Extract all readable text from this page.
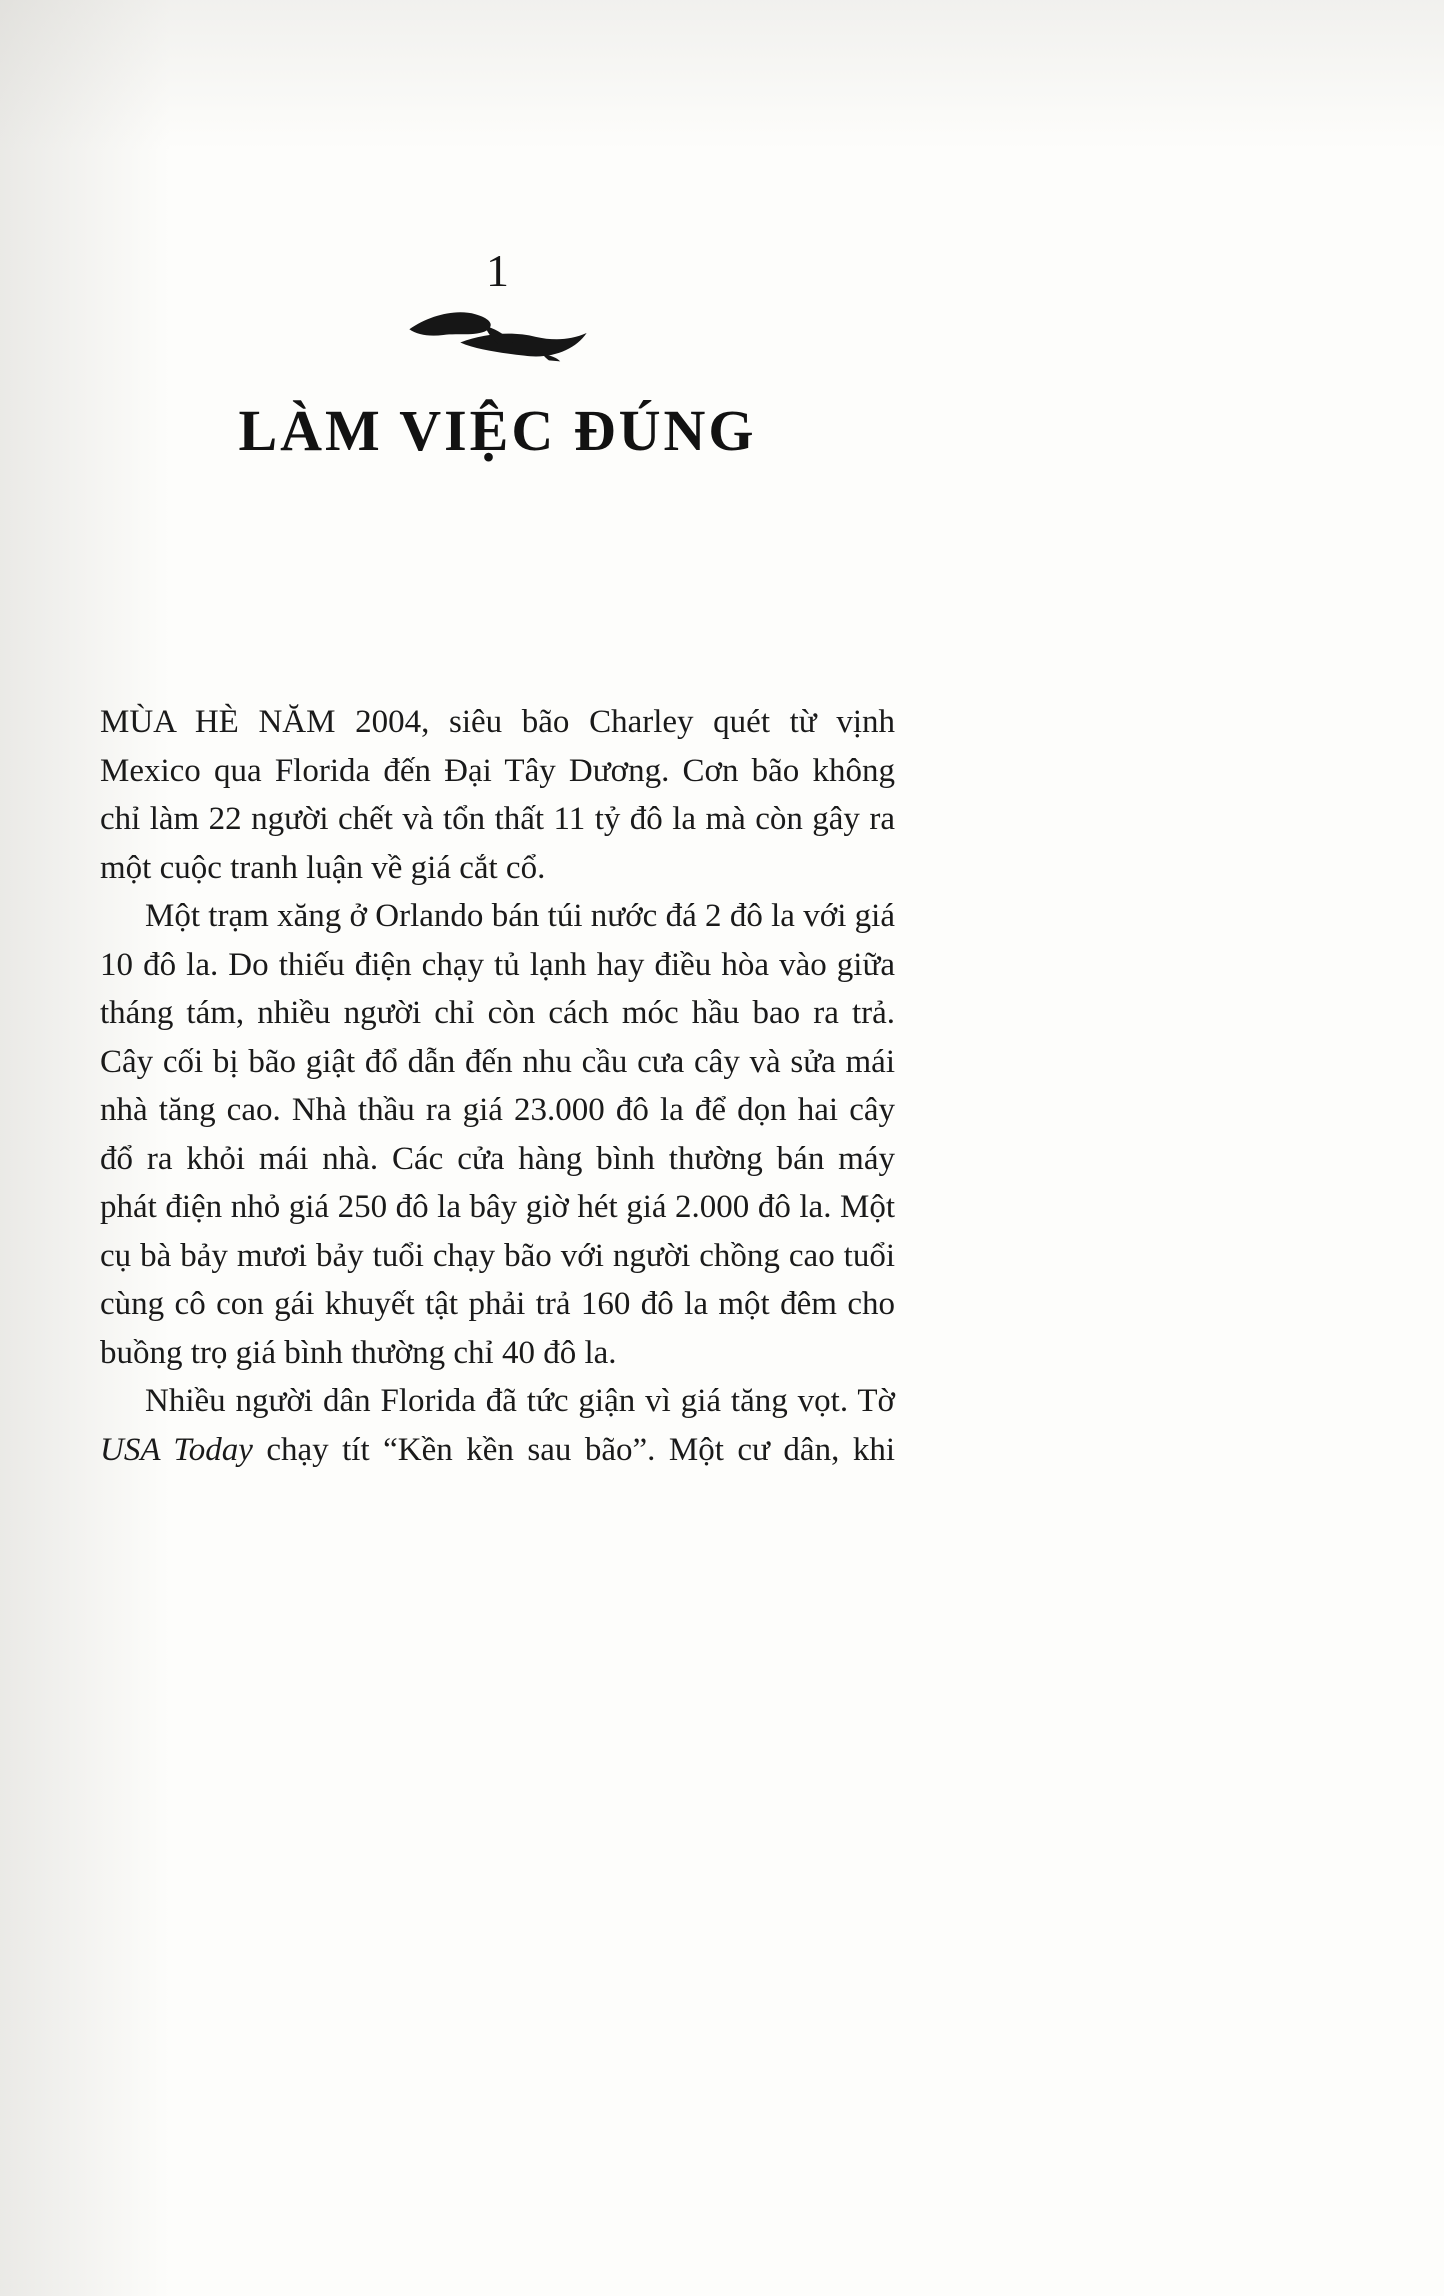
1
LÀM VIỆC ĐÚNG

MÙA HÈ NĂM 2004, siêu bão Charley quét từ vịnh Mexico qua Florida đến Đại Tây Dương. Cơn bão không chỉ làm 22 người chết và tổn thất 11 tỷ đô la mà còn gây ra một cuộc tranh luận về giá cắt cổ.

Một trạm xăng ở Orlando bán túi nước đá 2 đô la với giá 10 đô la. Do thiếu điện chạy tủ lạnh hay điều hòa vào giữa tháng tám, nhiều người chỉ còn cách móc hầu bao ra trả. Cây cối bị bão giật đổ dẫn đến nhu cầu cưa cây và sửa mái nhà tăng cao. Nhà thầu ra giá 23.000 đô la để dọn hai cây đổ ra khỏi mái nhà. Các cửa hàng bình thường bán máy phát điện nhỏ giá 250 đô la bây giờ hét giá 2.000 đô la. Một cụ bà bảy mươi bảy tuổi chạy bão với người chồng cao tuổi cùng cô con gái khuyết tật phải trả 160 đô la một đêm cho buồng trọ giá bình thường chỉ 40 đô la.

Nhiều người dân Florida đã tức giận vì giá tăng vọt. Tờ USA Today chạy tít “Kền kền sau bão”. Một cư dân, khi
